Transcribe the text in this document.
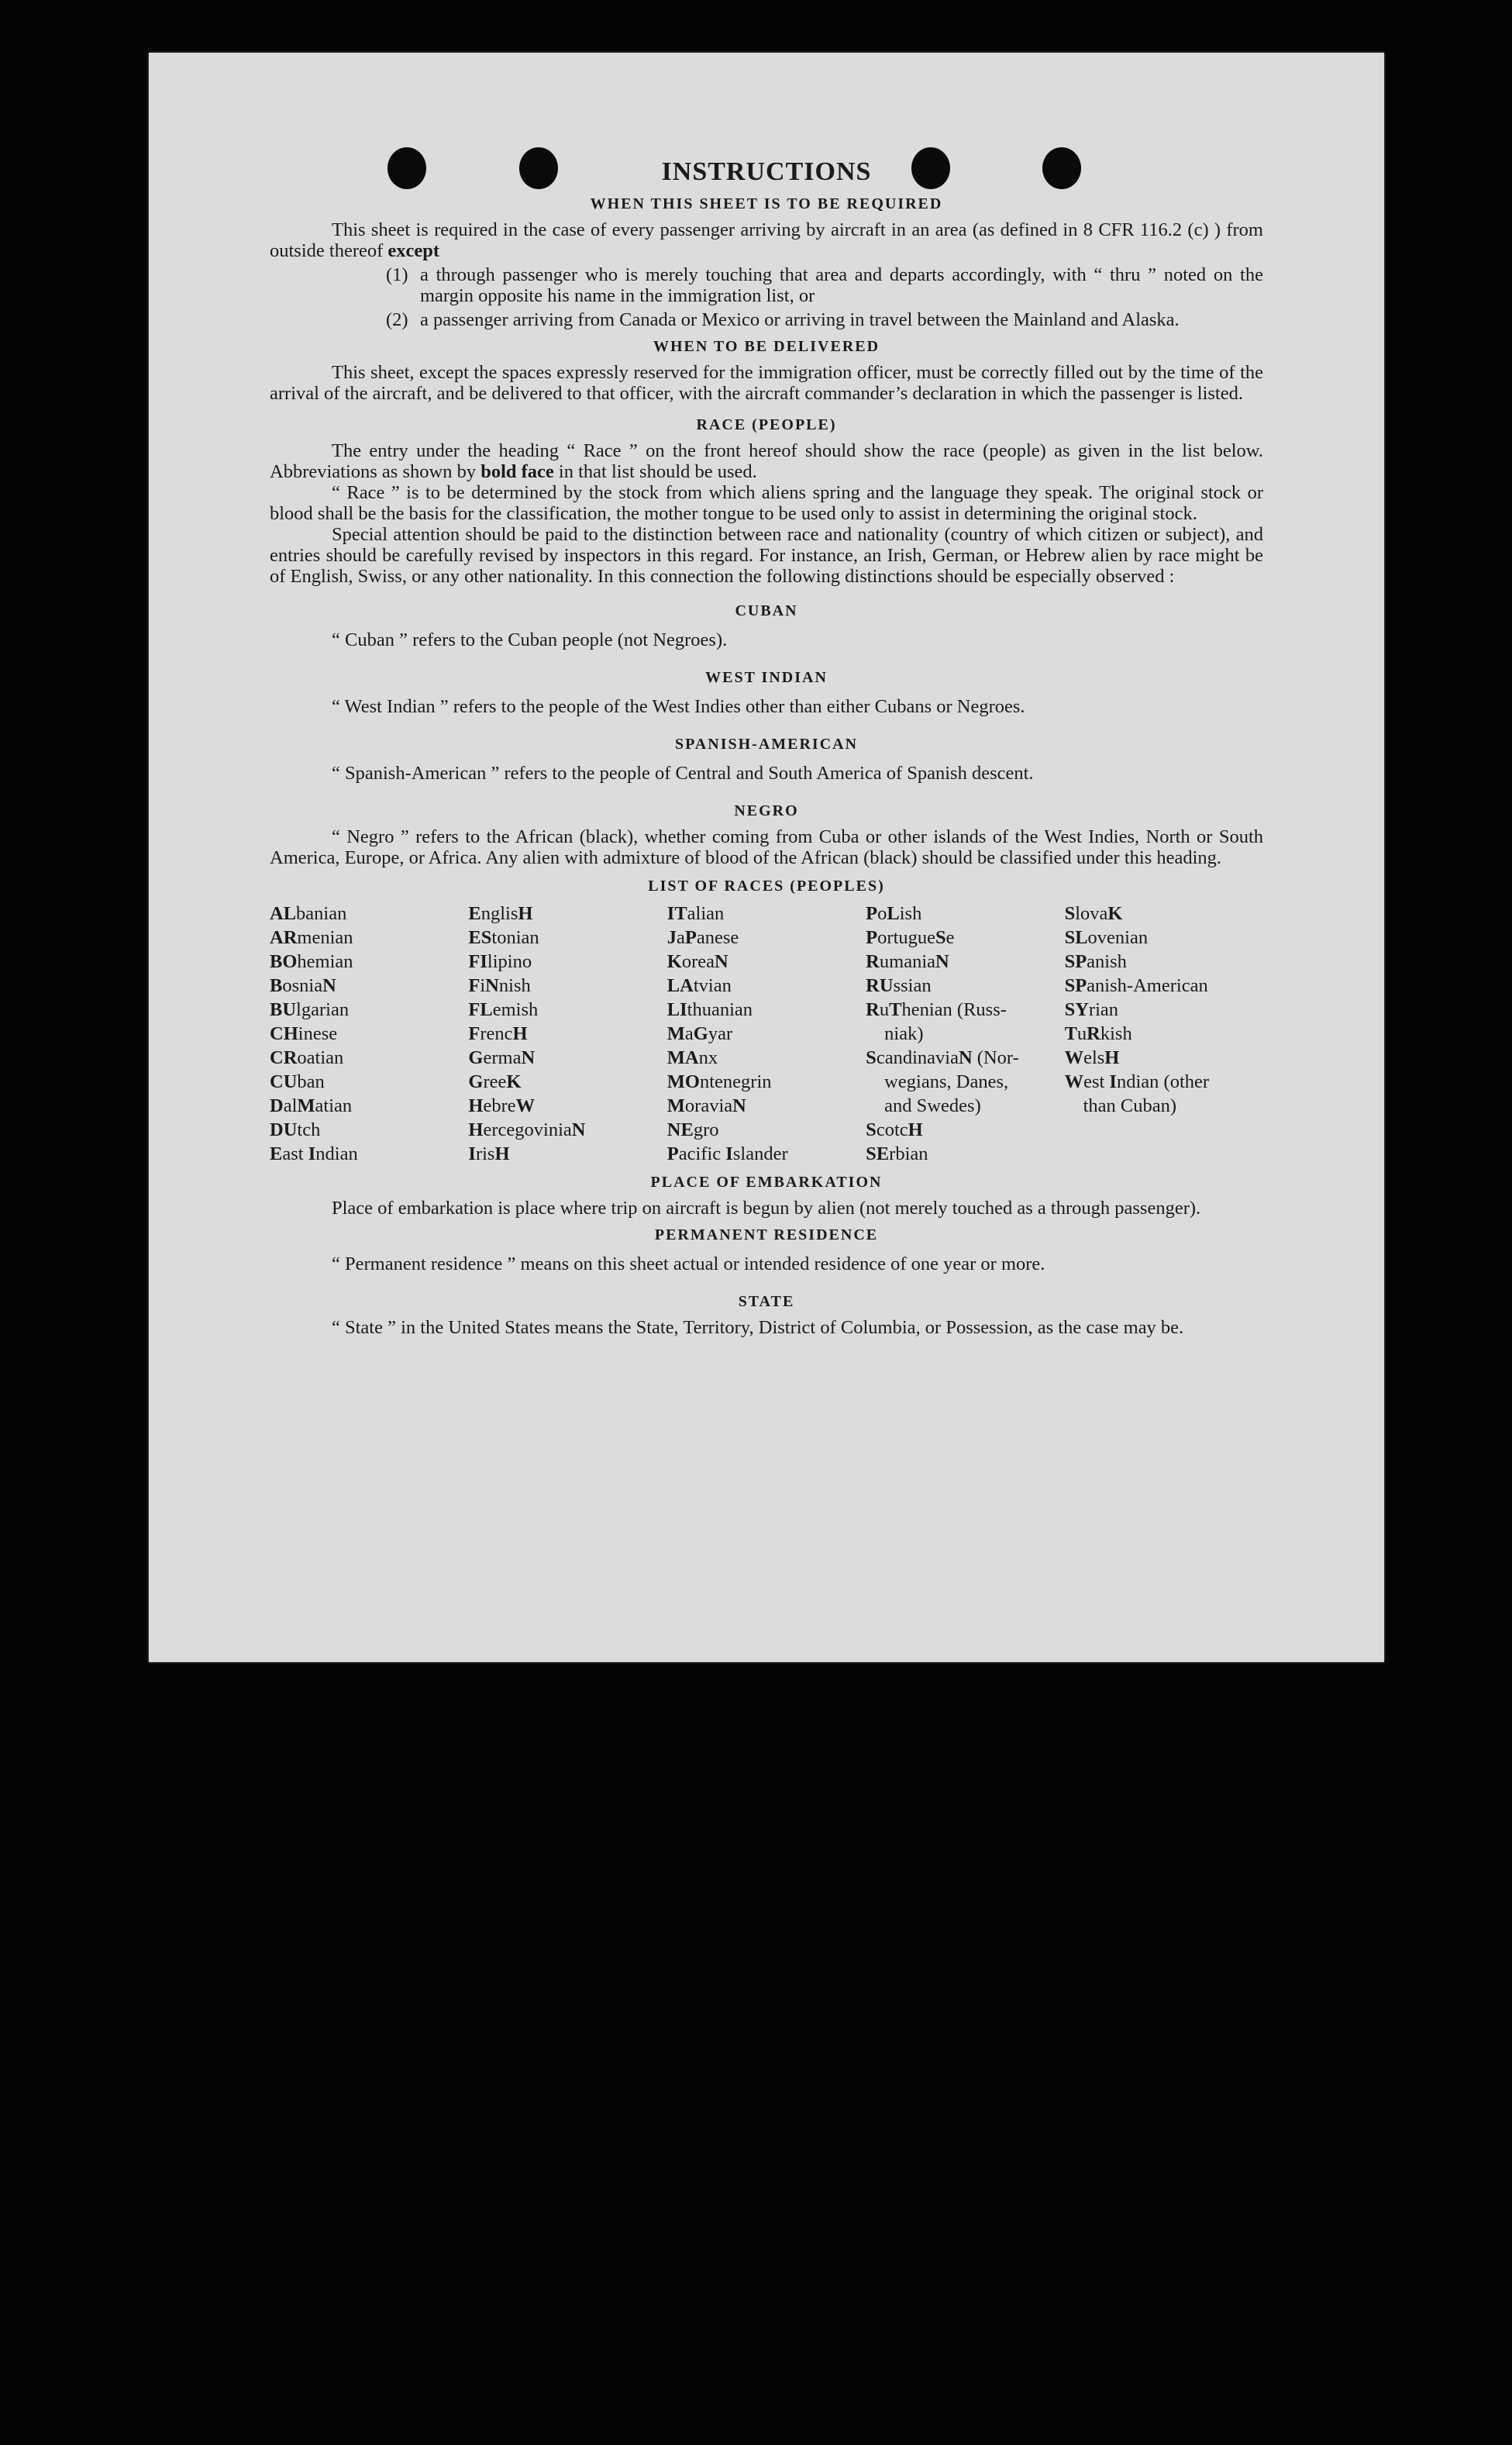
INSTRUCTIONS
WHEN THIS SHEET IS TO BE REQUIRED

This sheet is required in the case of every passenger arriving by aircraft in an area (as defined in 8 CFR 116.2 (c) ) from outside thereof except

(1) a through passenger who is merely touching that area and departs accordingly, with “ thru ” noted on the margin opposite his name in the immigration list, or
(2) a passenger arriving from Canada or Mexico or arriving in travel between the Mainland and Alaska.
WHEN TO BE DELIVERED

This sheet, except the spaces expressly reserved for the immigration officer, must be correctly filled out by the time of the arrival of the aircraft, and be delivered to that officer, with the aircraft commander’s declaration in which the passenger is listed.

RACE (PEOPLE)

The entry under the heading “ Race ” on the front hereof should show the race (people) as given in the list below. Abbreviations as shown by bold face in that list should be used.

“ Race ” is to be determined by the stock from which aliens spring and the language they speak. The original stock or blood shall be the basis for the classification, the mother tongue to be used only to assist in determining the original stock.

Special attention should be paid to the distinction between race and nationality (country of which citizen or subject), and entries should be carefully revised by inspectors in this regard. For instance, an Irish, German, or Hebrew alien by race might be of English, Swiss, or any other nationality. In this connection the following distinctions should be especially observed :

CUBAN

“ Cuban ” refers to the Cuban people (not Negroes).

WEST INDIAN

“ West Indian ” refers to the people of the West Indies other than either Cubans or Negroes.

SPANISH-AMERICAN

“ Spanish-American ” refers to the people of Central and South America of Spanish descent.

NEGRO

“ Negro ” refers to the African (black), whether coming from Cuba or other islands of the West Indies, North or South America, Europe, or Africa. Any alien with admixture of blood of the African (black) should be classified under this heading.

LIST OF RACES (PEOPLES)
ALbanian
ARmenian
BOhemian
BosniaN
BUlgarian
CHinese
CRoatian
CUban
DalMatian
DUtch
East Indian

EnglisH
EStonian
FIlipino
FiNnish
FLemish
FrencH
GermaN
GreeK
HebreW
HercegoviniaN
IrisH

ITalian
JaPanese
KoreaN
LAtvian
LIthuanian
MaGyar
MAnx
MOntenegrin
MoraviaN
NEgro
Pacific Islander

PoLish
PortugueSe
RumaniaN
RUssian
RuThenian (Russ-
niak)
ScandinaviaN (Nor-
wegians, Danes,
and Swedes)
ScotcH
SErbian

SlovaK
SLovenian
SPanish
SPanish-American
SYrian
TuRkish
WelsH
West Indian (other
than Cuban)
PLACE OF EMBARKATION

Place of embarkation is place where trip on aircraft is begun by alien (not merely touched as a through passenger).

PERMANENT RESIDENCE

“ Permanent residence ” means on this sheet actual or intended residence of one year or more.

STATE

“ State ” in the United States means the State, Territory, District of Columbia, or Possession, as the case may be.
